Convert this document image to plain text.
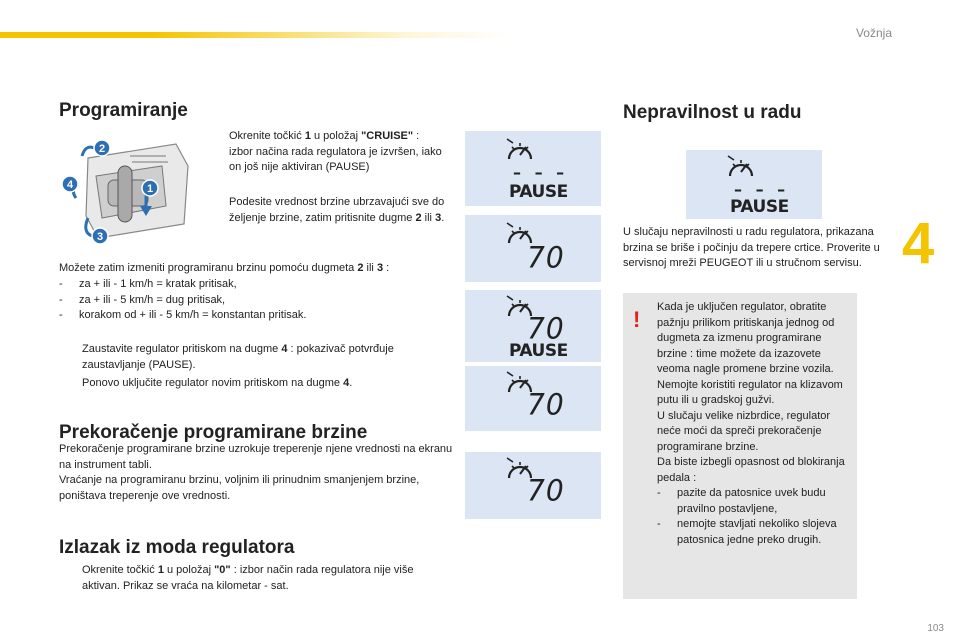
Vožnja
4
103
Programiranje
2
1
3
4
Okrenite točkić 1 u položaj "CRUISE" : izbor načina rada regulatora je izvršen, iako on još nije aktiviran (PAUSE)
Podesite vrednost brzine ubrzavajući sve do željenje brzine, zatim pritisnite dugme 2 ili 3.
Možete zatim izmeniti programiranu brzinu pomoću dugmeta 2 ili 3 :
- za + ili - 1 km/h = kratak pritisak,
- za + ili - 5 km/h = dug pritisak,
- korakom od + ili - 5 km/h = konstantan pritisak.
Zaustavite regulator pritiskom na dugme 4 : pokazivač potvrđuje zaustavljanje (PAUSE).
Ponovo uključite regulator novim pritiskom na dugme 4.
Prekoračenje programirane brzine
Prekoračenje programirane brzine uzrokuje treperenje njene vrednosti na ekranu na instrument tabli.
Vraćanje na programiranu brzinu, voljnim ili prinudnim smanjenjem brzine, poništava treperenje ove vrednosti.
Izlazak iz moda regulatora
Okrenite točkić 1 u položaj "0" : izbor način rada regulatora nije više aktivan. Prikaz se vraća na kilometar - sat.
– – –
PAUSE
70
70
PAUSE
70
70
Nepravilnost u radu
– – –
PAUSE
U slučaju nepravilnosti u radu regulatora, prikazana brzina se briše i počinju da trepere crtice. Proverite u servisnoj mreži PEUGEOT ili u stručnom servisu.
! Kada je uključen regulator, obratite pažnju prilikom pritiskanja jednog od dugmeta za izmenu programirane brzine : time možete da izazovete veoma nagle promene brzine vozila.
Nemojte koristiti regulator na klizavom putu ili u gradskoj gužvi.
U slučaju velike nizbrdice, regulator neće moći da spreči prekoračenje programirane brzine.
Da biste izbegli opasnost od blokiranja pedala :
- pazite da patosnice uvek budu pravilno postavljene,
- nemojte stavljati nekoliko slojeva patosnica jedne preko drugih.
